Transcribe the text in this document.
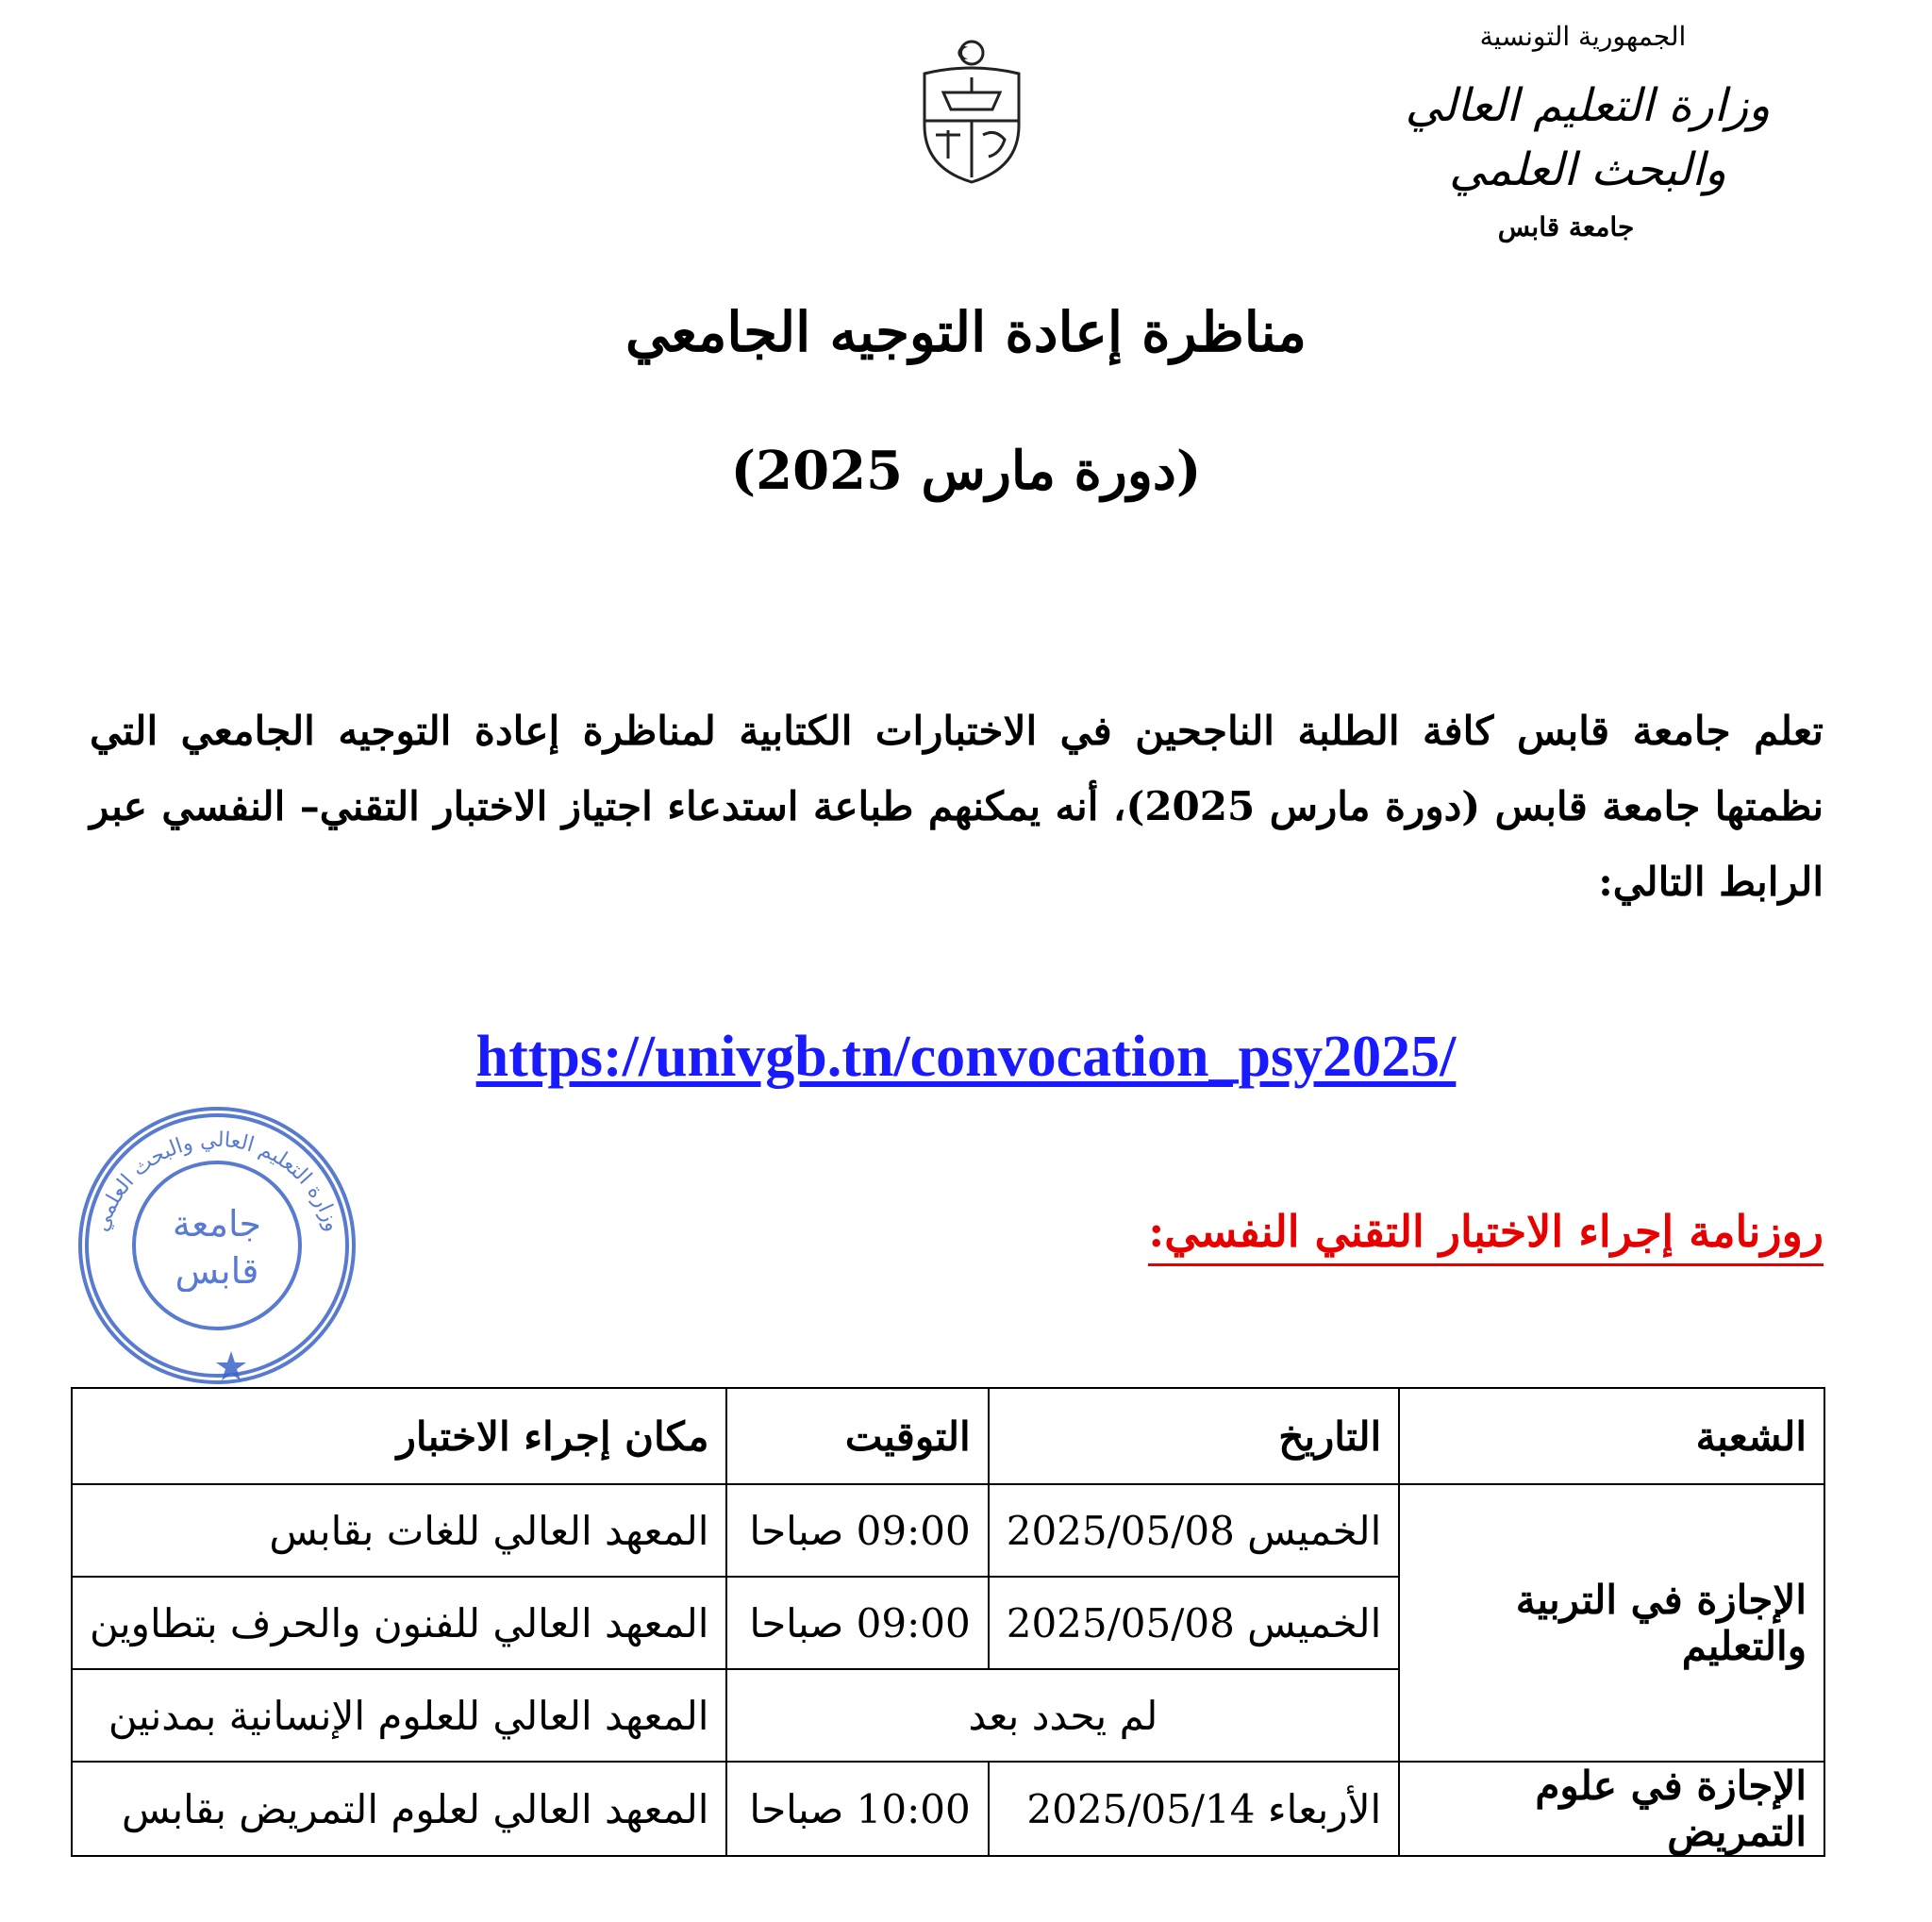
الجمهورية التونسية
وزارة التعليم العالي
والبحث العلمي
جامعة قابس
مناظرة إعادة التوجيه الجامعي
(دورة مارس 2025)
تعلم جامعة قابس كافة الطلبة الناجحين في الاختبارات الكتابية لمناظرة إعادة التوجيه الجامعي التي نظمتها جامعة قابس (دورة مارس 2025)، أنه يمكنهم طباعة استدعاء اجتياز الاختبار التقني– النفسي عبر الرابط التالي:
https://univgb.tn/convocation_psy2025/
وزارة التعليم العالي والبحث العلمي
جامعة
قابس
روزنامة إجراء الاختبار التقني النفسي:
الشعبة	التاريخ	التوقيت	مكان إجراء الاختبار
الإجازة في التربية والتعليم	الخميس 2025/05/08	09:00 صباحا	المعهد العالي للغات بقابس
	الخميس 2025/05/08	09:00 صباحا	المعهد العالي للفنون والحرف بتطاوين
	لم يحدد بعد		المعهد العالي للعلوم الإنسانية بمدنين
الإجازة في علوم التمريض	الأربعاء 2025/05/14	10:00 صباحا	المعهد العالي لعلوم التمريض بقابس
